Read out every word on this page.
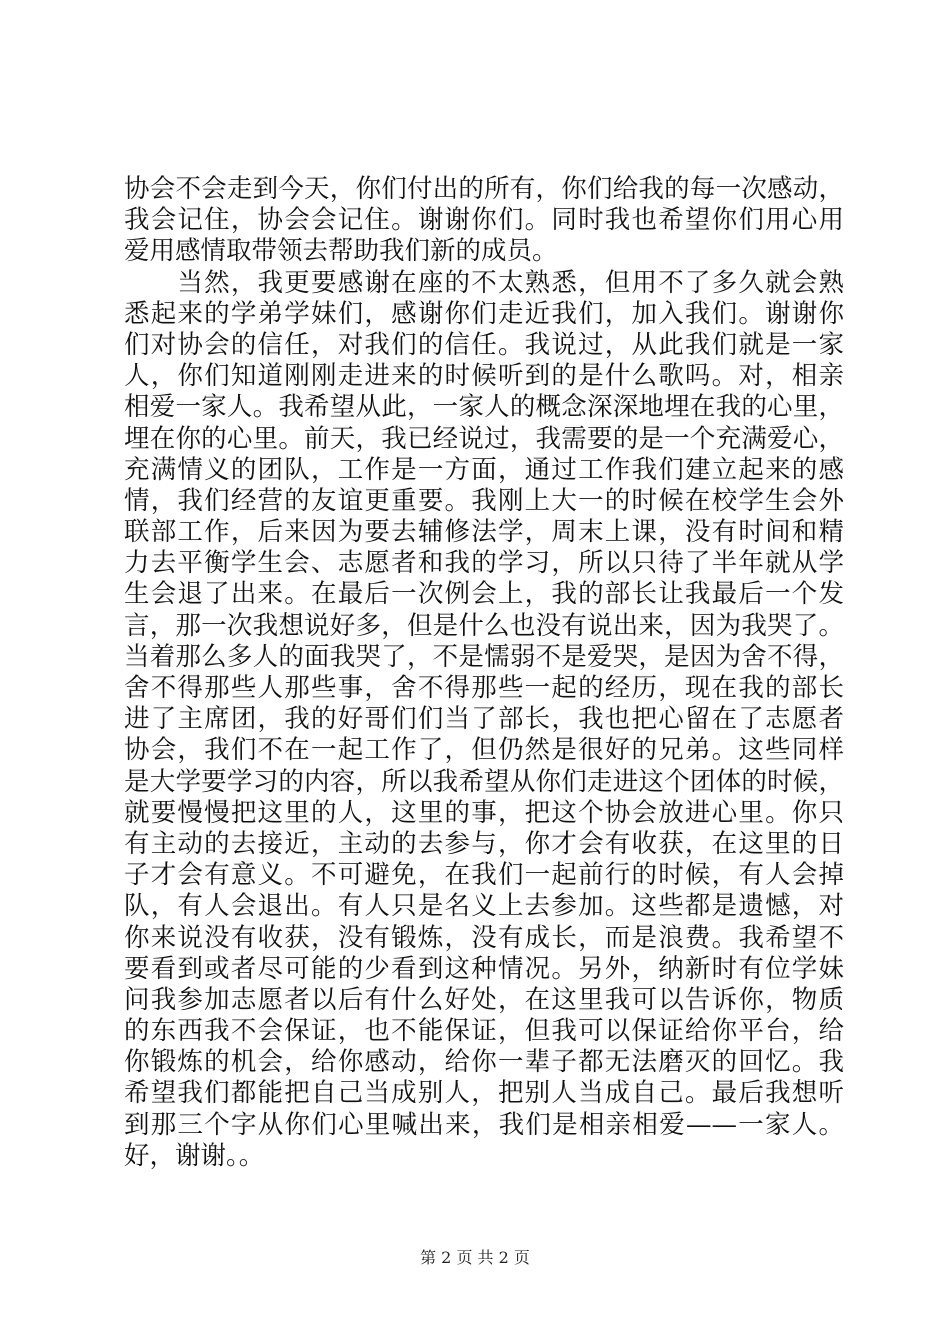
协会不会走到今天，你们付出的所有，你们给我的每一次感动，
我会记住，协会会记住。谢谢你们。同时我也希望你们用心用
爱用感情取带领去帮助我们新的成员。
　　当然，我更要感谢在座的不太熟悉，但用不了多久就会熟
悉起来的学弟学妹们，感谢你们走近我们，加入我们。谢谢你
们对协会的信任，对我们的信任。我说过，从此我们就是一家
人，你们知道刚刚走进来的时候听到的是什么歌吗。对，相亲
相爱一家人。我希望从此，一家人的概念深深地埋在我的心里，
埋在你的心里。前天，我已经说过，我需要的是一个充满爱心，
充满情义的团队，工作是一方面，通过工作我们建立起来的感
情，我们经营的友谊更重要。我刚上大一的时候在校学生会外
联部工作，后来因为要去辅修法学，周末上课，没有时间和精
力去平衡学生会、志愿者和我的学习，所以只待了半年就从学
生会退了出来。在最后一次例会上，我的部长让我最后一个发
言，那一次我想说好多，但是什么也没有说出来，因为我哭了。
当着那么多人的面我哭了，不是懦弱不是爱哭，是因为舍不得，
舍不得那些人那些事，舍不得那些一起的经历，现在我的部长
进了主席团，我的好哥们们当了部长，我也把心留在了志愿者
协会，我们不在一起工作了，但仍然是很好的兄弟。这些同样
是大学要学习的内容，所以我希望从你们走进这个团体的时候，
就要慢慢把这里的人，这里的事，把这个协会放进心里。你只
有主动的去接近，主动的去参与，你才会有收获，在这里的日
子才会有意义。不可避免，在我们一起前行的时候，有人会掉
队，有人会退出。有人只是名义上去参加。这些都是遗憾，对
你来说没有收获，没有锻炼，没有成长，而是浪费。我希望不
要看到或者尽可能的少看到这种情况。另外，纳新时有位学妹
问我参加志愿者以后有什么好处，在这里我可以告诉你，物质
的东西我不会保证，也不能保证，但我可以保证给你平台，给
你锻炼的机会，给你感动，给你一辈子都无法磨灭的回忆。我
希望我们都能把自己当成别人，把别人当成自己。最后我想听
到那三个字从你们心里喊出来，我们是相亲相爱——一家人。
好，谢谢。。
第 2 页 共 2 页
